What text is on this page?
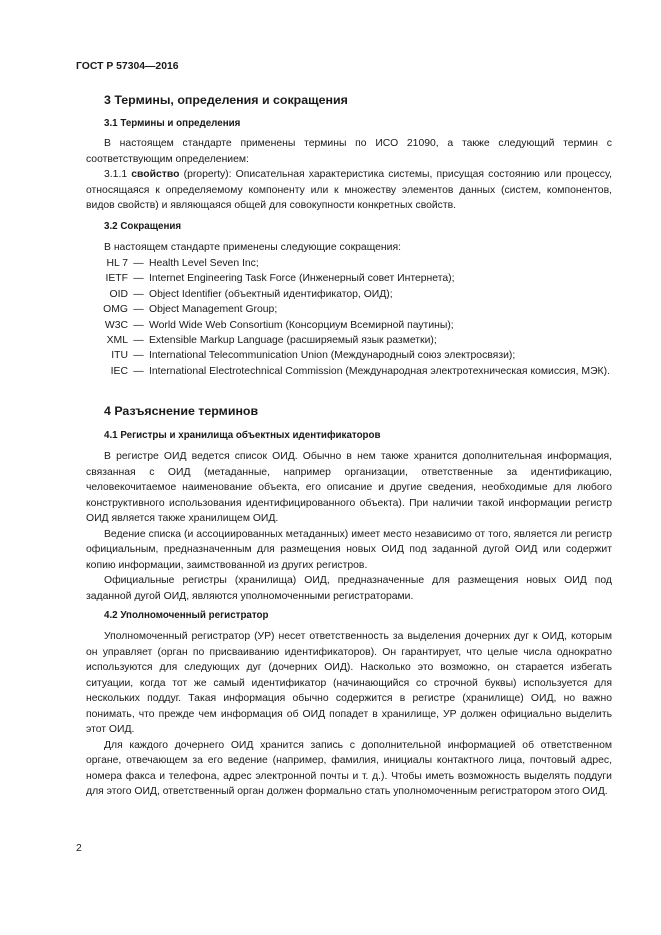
ГОСТ Р 57304—2016
3 Термины, определения и сокращения
3.1 Термины и определения

В настоящем стандарте применены термины по ИСО 21090, а также следующий термин с соответствующим определением:

3.1.1 свойство (property): Описательная характеристика системы, присущая состоянию или процессу, относящаяся к определяемому компоненту или к множеству элементов данных (систем, компонентов, видов свойств) и являющаяся общей для совокупности конкретных свойств.

3.2 Сокращения

В настоящем стандарте применены следующие сокращения:

HL 7 — Health Level Seven Inc;
IETF — Internet Engineering Task Force (Инженерный совет Интернета);
OID — Object Identifier (объектный идентификатор, ОИД);
OMG — Object Management Group;
W3C — World Wide Web Consortium (Консорциум Всемирной паутины);
XML — Extensible Markup Language (расширяемый язык разметки);
ITU — International Telecommunication Union (Международный союз электросвязи);
IEC — International Electrotechnical Commission (Международная электротехническая комиссия, МЭК).
4 Разъяснение терминов
4.1 Регистры и хранилища объектных идентификаторов

В регистре ОИД ведется список ОИД. Обычно в нем также хранится дополнительная информация, связанная с ОИД (метаданные, например организации, ответственные за идентификацию, человекочитаемое наименование объекта, его описание и другие сведения, необходимые для любого конструктивного использования идентифицированного объекта). При наличии такой информации регистр ОИД является также хранилищем ОИД.

Ведение списка (и ассоциированных метаданных) имеет место независимо от того, является ли регистр официальным, предназначенным для размещения новых ОИД под заданной дугой ОИД или содержит копию информации, заимствованной из других регистров.

Официальные регистры (хранилища) ОИД, предназначенные для размещения новых ОИД под заданной дугой ОИД, являются уполномоченными регистраторами.

4.2 Уполномоченный регистратор

Уполномоченный регистратор (УР) несет ответственность за выделения дочерних дуг к ОИД, которым он управляет (орган по присваиванию идентификаторов). Он гарантирует, что целые числа однократно используются для следующих дуг (дочерних ОИД). Насколько это возможно, он старается избегать ситуации, когда тот же самый идентификатор (начинающийся со строчной буквы) используется для нескольких поддуг. Такая информация обычно содержится в регистре (хранилище) ОИД, но важно понимать, что прежде чем информация об ОИД попадет в хранилище, УР должен официально выделить этот ОИД.

Для каждого дочернего ОИД хранится запись с дополнительной информацией об ответственном органе, отвечающем за его ведение (например, фамилия, инициалы контактного лица, почтовый адрес, номера факса и телефона, адрес электронной почты и т. д.). Чтобы иметь возможность выделять поддуги для этого ОИД, ответственный орган должен формально стать уполномоченным регистратором этого ОИД.

2
